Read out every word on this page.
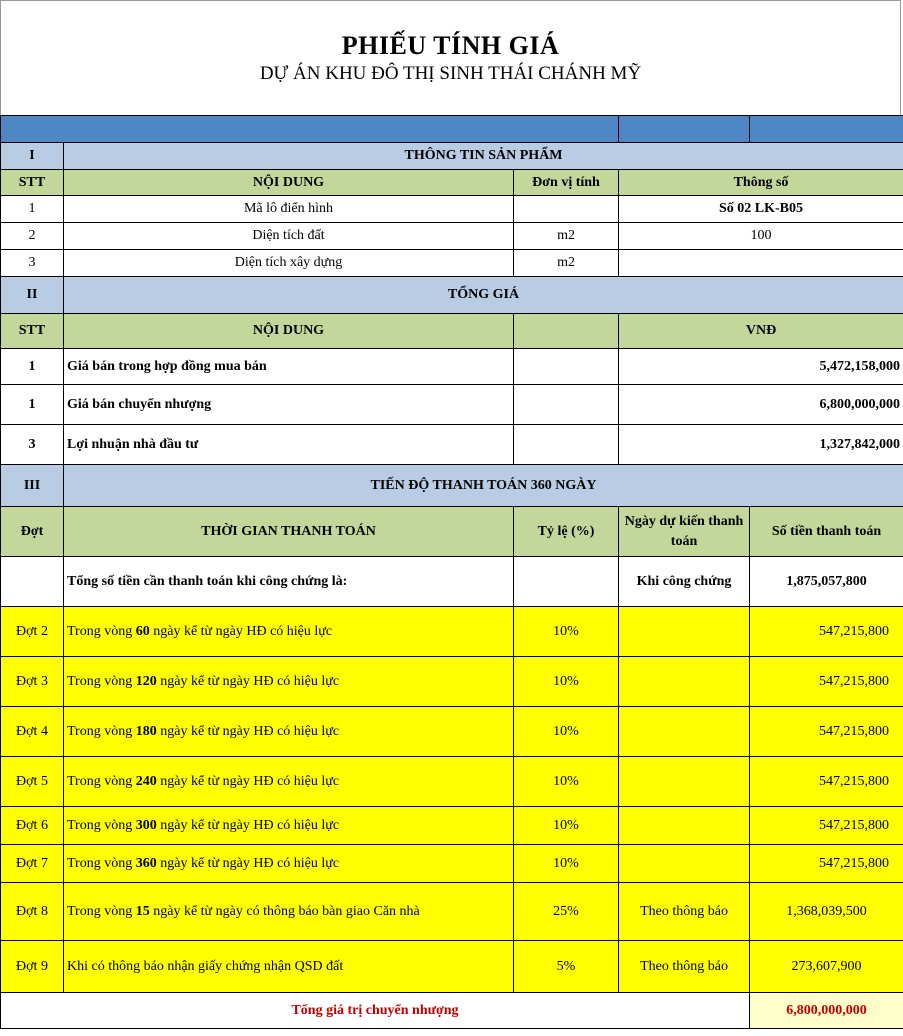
PHIẾU TÍNH GIÁ
DỰ ÁN KHU ĐÔ THỊ SINH THÁI CHÁNH MỸ

I	THÔNG TIN SẢN PHẨM			
STT	NỘI DUNG	Đơn vị tính	Thông số	
1	Mã lô điển hình		Số 02 LK-B05	
2	Diện tích đất	m2	100	
3	Diện tích xây dựng	m2		
II	TỔNG GIÁ			
STT	NỘI DUNG		VNĐ	
1	Giá bán trong hợp đồng mua bán		5,472,158,000	
1	Giá bán chuyển nhượng		6,800,000,000	
3	Lợi nhuận nhà đầu tư		1,327,842,000	
III	TIẾN ĐỘ THANH TOÁN 360 NGÀY			
Đợt	THỜI GIAN THANH TOÁN	Tỷ lệ (%)	Ngày dự kiến thanh toán	Số tiền thanh toán
	Tổng số tiền cần thanh toán khi công chứng là:		Khi công chứng	1,875,057,800
Đợt 2	Trong vòng 60 ngày kể từ ngày HĐ có hiệu lực	10%		547,215,800
Đợt 3	Trong vòng 120 ngày kể từ ngày HĐ có hiệu lực	10%		547,215,800
Đợt 4	Trong vòng 180 ngày kể từ ngày HĐ có hiệu lực	10%		547,215,800
Đợt 5	Trong vòng 240 ngày kể từ ngày HĐ có hiệu lực	10%		547,215,800
Đợt 6	Trong vòng 300 ngày kể từ ngày HĐ có hiệu lực	10%		547,215,800
Đợt 7	Trong vòng 360 ngày kể từ ngày HĐ có hiệu lực	10%		547,215,800
Đợt 8	Trong vòng 15 ngày kể từ ngày có thông báo bàn giao Căn nhà	25%	Theo thông báo	1,368,039,500
Đợt 9	Khi có thông báo nhận giấy chứng nhận QSD đất	5%	Theo thông báo	273,607,900
Tổng giá trị chuyển nhượng				6,800,000,000
